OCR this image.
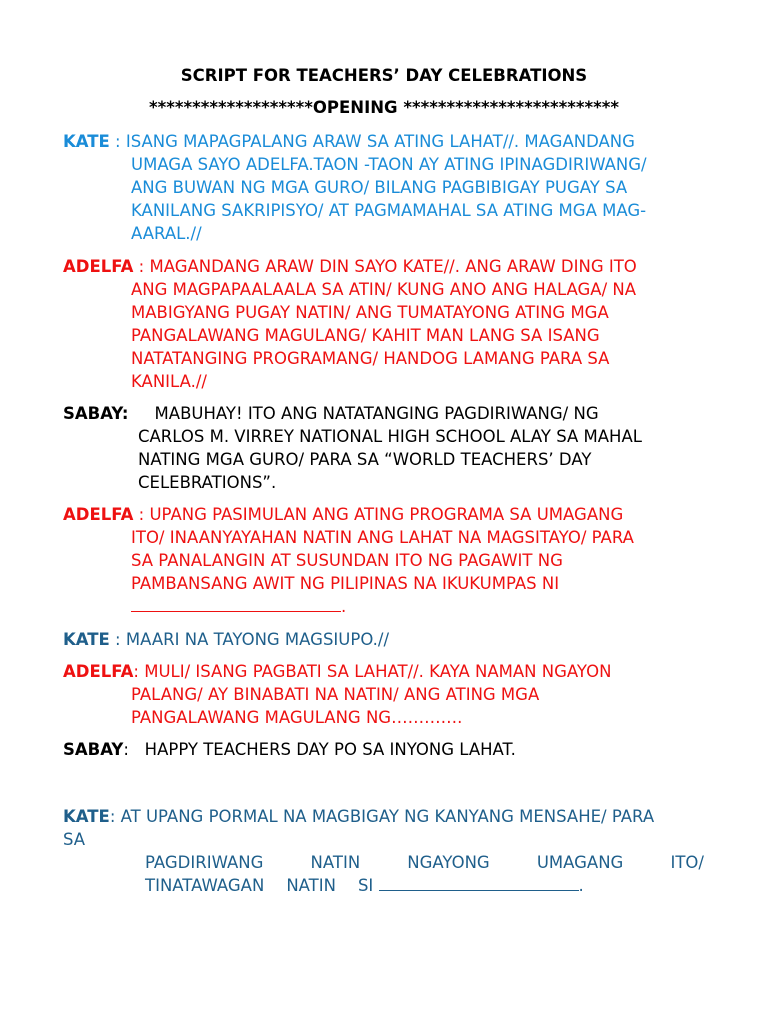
SCRIPT FOR TEACHERS’ DAY CELEBRATIONS
*******************OPENING *************************
KATE : ISANG MAPAGPALANG ARAW SA ATING LAHAT//. MAGANDANG
UMAGA SAYO ADELFA.TAON -TAON AY ATING IPINAGDIRIWANG/
ANG BUWAN NG MGA GURO/ BILANG PAGBIBIGAY PUGAY SA
KANILANG SAKRIPISYO/ AT PAGMAMAHAL SA ATING MGA MAG-
AARAL.//
ADELFA : MAGANDANG ARAW DIN SAYO KATE//. ANG ARAW DING ITO
ANG MAGPAPAALAALA SA ATIN/ KUNG ANO ANG HALAGA/ NA
MABIGYANG PUGAY NATIN/ ANG TUMATAYONG ATING MGA
PANGALAWANG MAGULANG/ KAHIT MAN LANG SA ISANG
NATATANGING PROGRAMANG/ HANDOG LAMANG PARA SA
KANILA.//
SABAY: MABUHAY! ITO ANG NATATANGING PAGDIRIWANG/ NG
CARLOS M. VIRREY NATIONAL HIGH SCHOOL ALAY SA MAHAL
NATING MGA GURO/ PARA SA “WORLD TEACHERS’ DAY
CELEBRATIONS”.
ADELFA : UPANG PASIMULAN ANG ATING PROGRAMA SA UMAGANG
ITO/ INAANYAYAHAN NATIN ANG LAHAT NA MAGSITAYO/ PARA
SA PANALANGIN AT SUSUNDAN ITO NG PAGAWIT NG
PAMBANSANG AWIT NG PILIPINAS NA IKUKUMPAS NI
.
KATE : MAARI NA TAYONG MAGSIUPO.//
ADELFA: MULI/ ISANG PAGBATI SA LAHAT//. KAYA NAMAN NGAYON
PALANG/ AY BINABATI NA NATIN/ ANG ATING MGA
PANGALAWANG MAGULANG NG………….
SABAY:   HAPPY TEACHERS DAY PO SA INYONG LAHAT.
KATE: AT UPANG PORMAL NA MAGBIGAY NG KANYANG MENSAHE/ PARA
SA
PAGDIRIWANG	NATIN	NGAYONG	UMAGANG	ITO/
TINATAWAGAN NATIN SI	.
